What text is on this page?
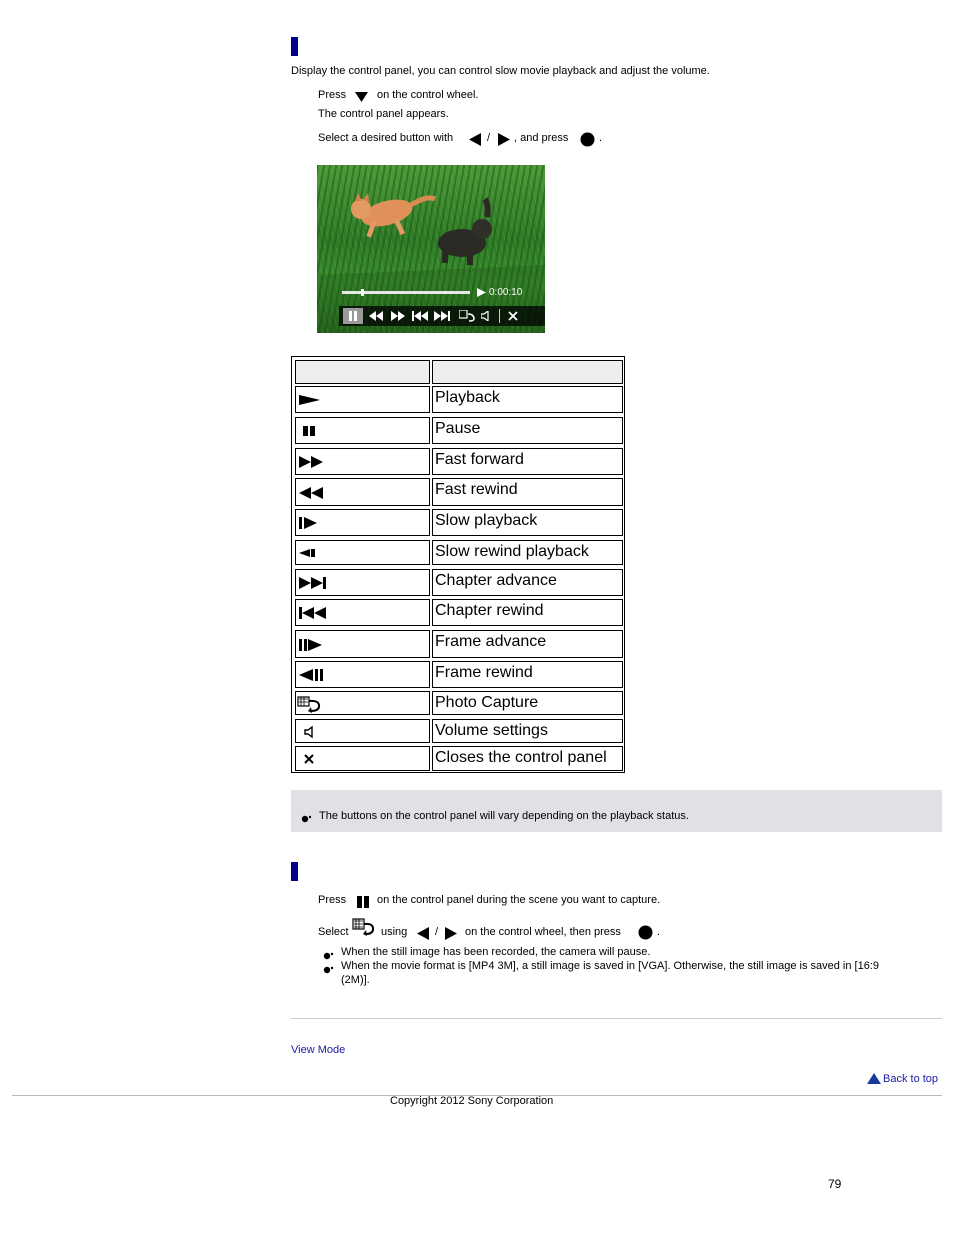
Display the control panel, you can control slow movie playback and adjust the volume.
Press	on the control wheel.
The control panel appears.
Select a desired button with	/ , and press	.
0:00:10
Playback
Pause
Fast forward
Fast rewind
Slow playback
Slow rewind playback
Chapter advance
Chapter rewind
Frame advance
Frame rewind
Photo Capture
Volume settings
Closes the control panel
The buttons on the control panel will vary depending on the playback status.
Press	on the control panel during the scene you want to capture.
Select	using	/ on the control wheel, then press	.
When the still image has been recorded, the camera will pause.
When the movie format is [MP4 3M], a still image is saved in [VGA]. Otherwise, the still image is saved in [16:9
(2M)].
View Mode
Back to top
Copyright 2012 Sony Corporation
79
